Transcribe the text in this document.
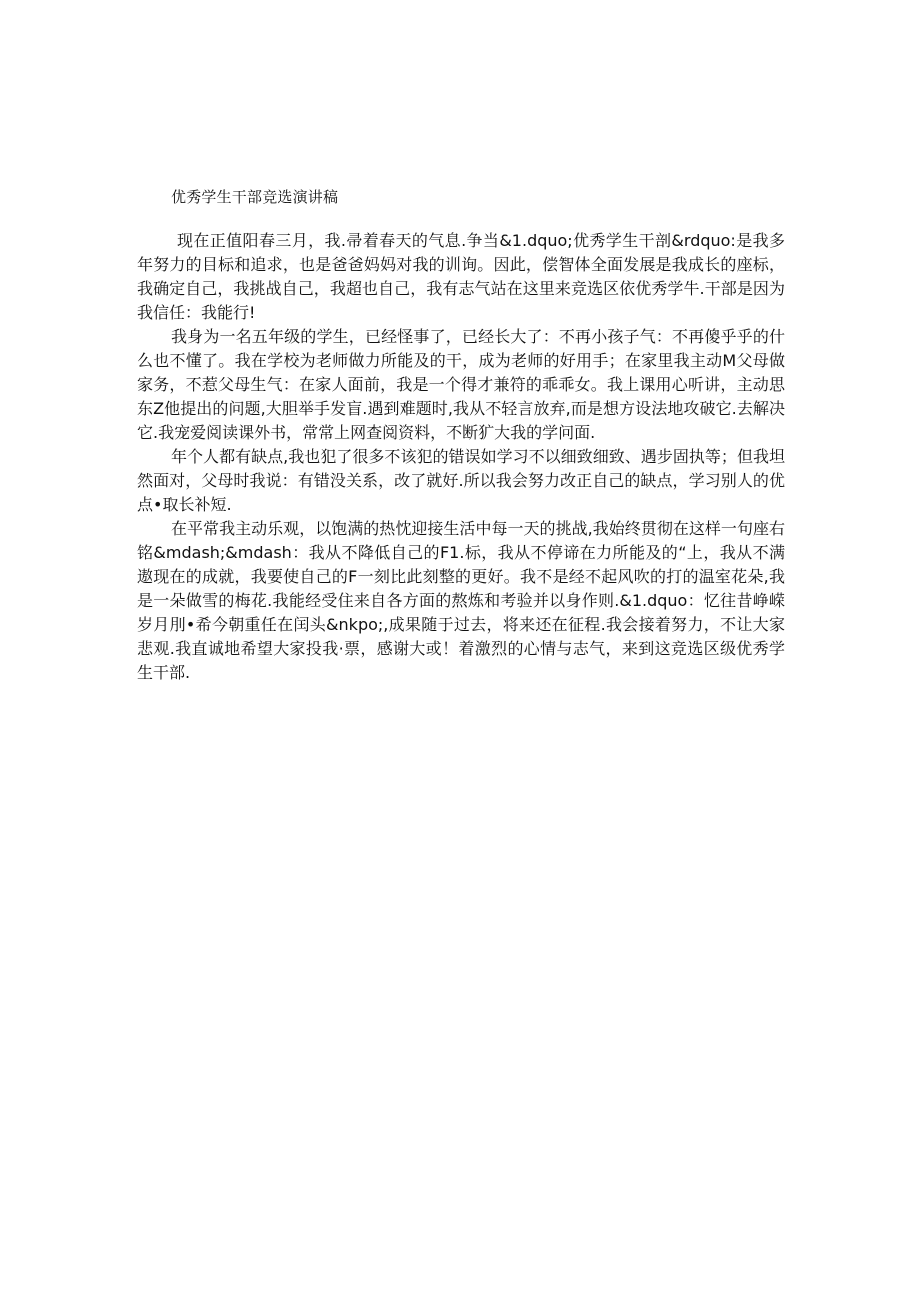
优秀学生干部竞选演讲稿

现在正值阳春三月，我.帚着春天的气息.争当&1.dquo;优秀学生干剖&rdquo:是我多年努力的目标和追求，也是爸爸妈妈对我的训询。因此，偿智体全面发展是我成长的座标，我确定自己，我挑战自己，我超也自己，我有志气站在这里来竞选区依优秀学牛.干部是因为我信任：我能行!

我身为一名五年级的学生，已经怪事了，已经长大了：不再小孩子气：不再傻乎乎的什么也不懂了。我在学校为老师做力所能及的干，成为老师的好用手；在家里我主动M父母做家务，不惹父母生气：在家人面前，我是一个得才兼符的乖乖女。我上课用心听讲，主动思东Z他提出的问题,大胆举手发盲.遇到难题时,我从不轻言放弃,而是想方设法地攻破它.去解决它.我宠爱阅读课外书，常常上网查阅资料，不断犷大我的学问面.

年个人都有缺点,我也犯了很多不该犯的错误如学习不以细致细致、遇步固执等；但我坦然面对，父母时我说：有错没关系，改了就好.所以我会努力改正自己的缺点，学习别人的优点•取长补短.

在平常我主动乐观，以饱满的热忱迎接生活中每一天的挑战,我始终贯彻在这样一句座右铭&mdash;&mdash：我从不降低自己的F1.标，我从不停谛在力所能及的“上，我从不满遨现在的成就，我要使自己的F一刻比此刻整的更好。我不是经不起风吹的打的温室花朵,我是一朵做雪的梅花.我能经受住来自各方面的熬炼和考验并以身作则.&1.dquo：忆往昔峥嵘岁月刖•希今朝重任在闰头&nkpo;,成果随于过去，将来还在征程.我会接着努力，不让大家悲观.我直诚地希望大家投我·票，感谢大或！着激烈的心情与志气，来到这竞选区级优秀学生干部.
